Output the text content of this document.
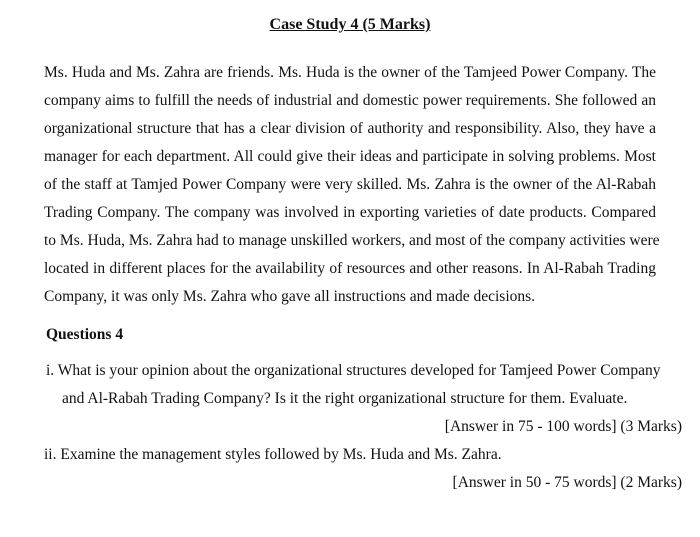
Case Study 4 (5 Marks)
Ms. Huda and Ms. Zahra are friends. Ms. Huda is the owner of the Tamjeed Power Company. The
company aims to fulfill the needs of industrial and domestic power requirements. She followed an
organizational structure that has a clear division of authority and responsibility. Also, they have a
manager for each department. All could give their ideas and participate in solving problems. Most
of the staff at Tamjed Power Company were very skilled. Ms. Zahra is the owner of the Al-Rabah
Trading Company. The company was involved in exporting varieties of date products. Compared
to Ms. Huda, Ms. Zahra had to manage unskilled workers, and most of the company activities were
located in different places for the availability of resources and other reasons. In Al-Rabah Trading
Company, it was only Ms. Zahra who gave all instructions and made decisions.
Questions 4
i. What is your opinion about the organizational structures developed for Tamjeed Power Company
and Al-Rabah Trading Company? Is it the right organizational structure for them. Evaluate.
[Answer in 75 - 100 words] (3 Marks)
ii. Examine the management styles followed by Ms. Huda and Ms. Zahra.
[Answer in 50 - 75 words] (2 Marks)
